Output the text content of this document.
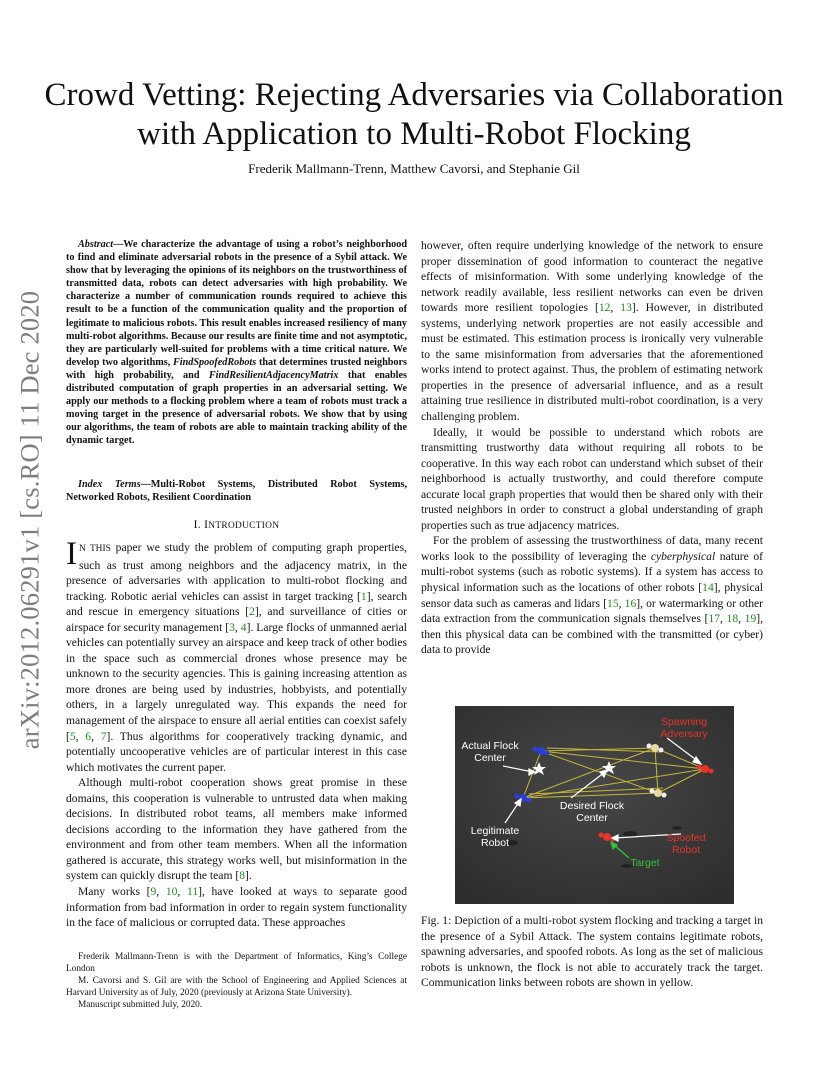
arXiv:2012.06291v1 [cs.RO] 11 Dec 2020
Crowd Vetting: Rejecting Adversaries via Collaboration
with Application to Multi-Robot Flocking
Frederik Mallmann-Trenn, Matthew Cavorsi, and Stephanie Gil
Abstract—We characterize the advantage of using a robot’s neighborhood to find and eliminate adversarial robots in the presence of a Sybil attack. We show that by leveraging the opinions of its neighbors on the trustworthiness of transmitted data, robots can detect adversaries with high probability. We characterize a number of communication rounds required to achieve this result to be a function of the communication quality and the proportion of legitimate to malicious robots. This result enables increased resiliency of many multi-robot algorithms. Because our results are finite time and not asymptotic, they are particularly well-suited for problems with a time critical nature. We develop two algorithms, FindSpoofedRobots that determines trusted neighbors with high probability, and FindResilientAdjacencyMatrix that enables distributed computation of graph properties in an adversarial setting. We apply our methods to a flocking problem where a team of robots must track a moving target in the presence of adversarial robots. We show that by using our algorithms, the team of robots are able to maintain tracking ability of the dynamic target.
Index Terms—Multi-Robot Systems, Distributed Robot Systems, Networked Robots, Resilient Coordination
I. INTRODUCTION

I N THIS paper we study the problem of computing graph properties, such as trust among neighbors and the adjacency matrix, in the presence of adversaries with application to multi-robot flocking and tracking. Robotic aerial vehicles can assist in target tracking [1], search and rescue in emergency situations [2], and surveillance of cities or airspace for security management [3, 4]. Large flocks of unmanned aerial vehicles can potentially survey an airspace and keep track of other bodies in the space such as commercial drones whose presence may be unknown to the security agencies. This is gaining increasing attention as more drones are being used by industries, hobbyists, and potentially others, in a largely unregulated way. This expands the need for management of the airspace to ensure all aerial entities can coexist safely [5, 6, 7]. Thus algorithms for cooperatively tracking dynamic, and potentially uncooperative vehicles are of particular interest in this case which motivates the current paper.

Although multi-robot cooperation shows great promise in these domains, this cooperation is vulnerable to untrusted data when making decisions. In distributed robot teams, all members make informed decisions according to the information they have gathered from the environment and from other team members. When all the information gathered is accurate, this strategy works well, but misinformation in the system can quickly disrupt the team [8].

Many works [9, 10, 11], have looked at ways to separate good information from bad information in order to regain system functionality in the face of malicious or corrupted data. These approaches

Frederik Mallmann-Trenn is with the Department of Informatics, King’s College London
M. Cavorsi and S. Gil are with the School of Engineering and Applied Sciences at Harvard University as of July, 2020 (previously at Arizona State University).
Manuscript submitted July, 2020.

however, often require underlying knowledge of the network to ensure proper dissemination of good information to counteract the negative effects of misinformation. With some underlying knowledge of the network readily available, less resilient networks can even be driven towards more resilient topologies [12, 13]. However, in distributed systems, underlying network properties are not easily accessible and must be estimated. This estimation process is ironically very vulnerable to the same misinformation from adversaries that the aforementioned works intend to protect against. Thus, the problem of estimating network properties in the presence of adversarial influence, and as a result attaining true resilience in distributed multi-robot coordination, is a very challenging problem.

Ideally, it would be possible to understand which robots are transmitting trustworthy data without requiring all robots to be cooperative. In this way each robot can understand which subset of their neighborhood is actually trustworthy, and could therefore compute accurate local graph properties that would then be shared only with their trusted neighbors in order to construct a global understanding of graph properties such as true adjacency matrices.

For the problem of assessing the trustworthiness of data, many recent works look to the possibility of leveraging the cyberphysical nature of multi-robot systems (such as robotic systems). If a system has access to physical information such as the locations of other robots [14], physical sensor data such as cameras and lidars [15, 16], or watermarking or other data extraction from the communication signals themselves [17, 18, 19], then this physical data can be combined with the transmitted (or cyber) data to provide

Spawning
Adversary
Actual Flock
Center
Desired Flock
Center
Legitimate
Robot	Spoofed
Robot
Target
Fig. 1: Depiction of a multi-robot system flocking and tracking a target in the presence of a Sybil Attack. The system contains legitimate robots, spawning adversaries, and spoofed robots. As long as the set of malicious robots is unknown, the flock is not able to accurately track the target. Communication links between robots are shown in yellow.
